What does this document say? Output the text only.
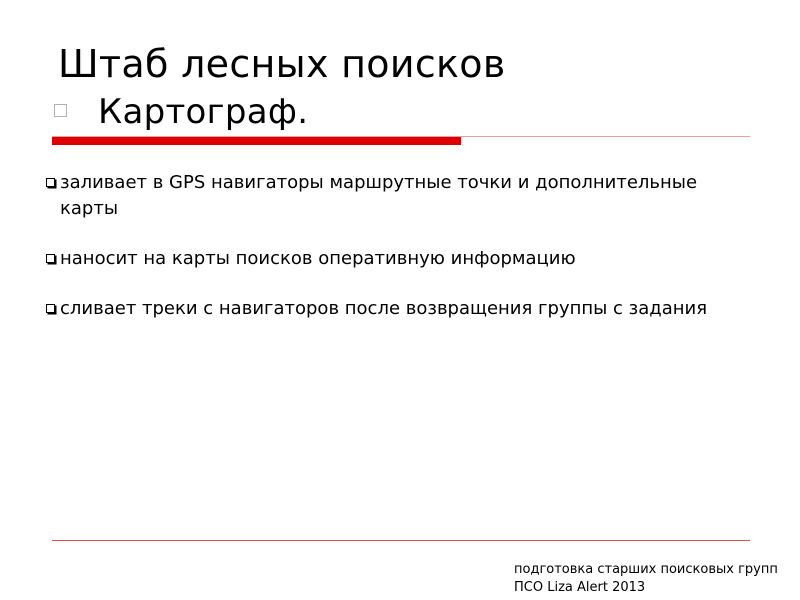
Штаб лесных поисков
Картограф.
заливает в GPS навигаторы маршрутные точки и дополнительные карты
наносит на карты поисков оперативную информацию
сливает треки с навигаторов после возвращения группы с задания
подготовка старших поисковых групп
ПСО Liza Alert 2013
